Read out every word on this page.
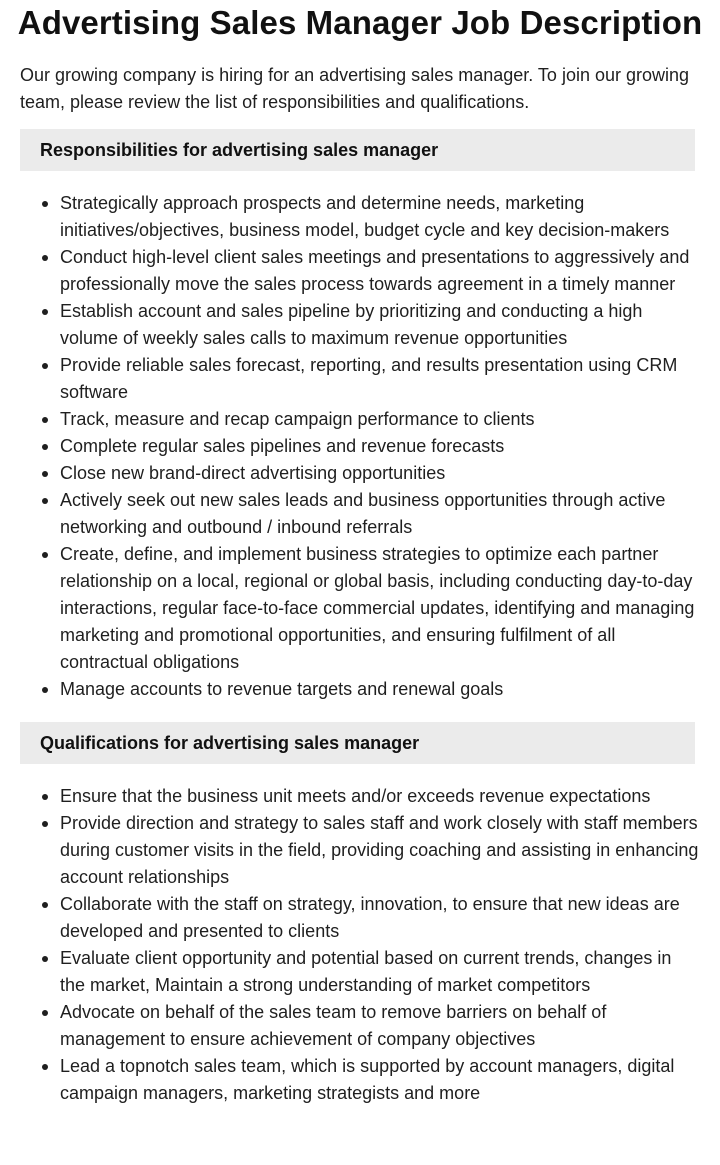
Advertising Sales Manager Job Description

Our growing company is hiring for an advertising sales manager. To join our growing team, please review the list of responsibilities and qualifications.

Responsibilities for advertising sales manager
Strategically approach prospects and determine needs, marketing initiatives/objectives, business model, budget cycle and key decision-makers
Conduct high-level client sales meetings and presentations to aggressively and professionally move the sales process towards agreement in a timely manner
Establish account and sales pipeline by prioritizing and conducting a high volume of weekly sales calls to maximum revenue opportunities
Provide reliable sales forecast, reporting, and results presentation using CRM software
Track, measure and recap campaign performance to clients
Complete regular sales pipelines and revenue forecasts
Close new brand-direct advertising opportunities
Actively seek out new sales leads and business opportunities through active networking and outbound / inbound referrals
Create, define, and implement business strategies to optimize each partner relationship on a local, regional or global basis, including conducting day-to-day interactions, regular face-to-face commercial updates, identifying and managing marketing and promotional opportunities, and ensuring fulfilment of all contractual obligations
Manage accounts to revenue targets and renewal goals
Qualifications for advertising sales manager
Ensure that the business unit meets and/or exceeds revenue expectations
Provide direction and strategy to sales staff and work closely with staff members during customer visits in the field, providing coaching and assisting in enhancing account relationships
Collaborate with the staff on strategy, innovation, to ensure that new ideas are developed and presented to clients
Evaluate client opportunity and potential based on current trends, changes in the market, Maintain a strong understanding of market competitors
Advocate on behalf of the sales team to remove barriers on behalf of management to ensure achievement of company objectives
Lead a topnotch sales team, which is supported by account managers, digital campaign managers, marketing strategists and more
